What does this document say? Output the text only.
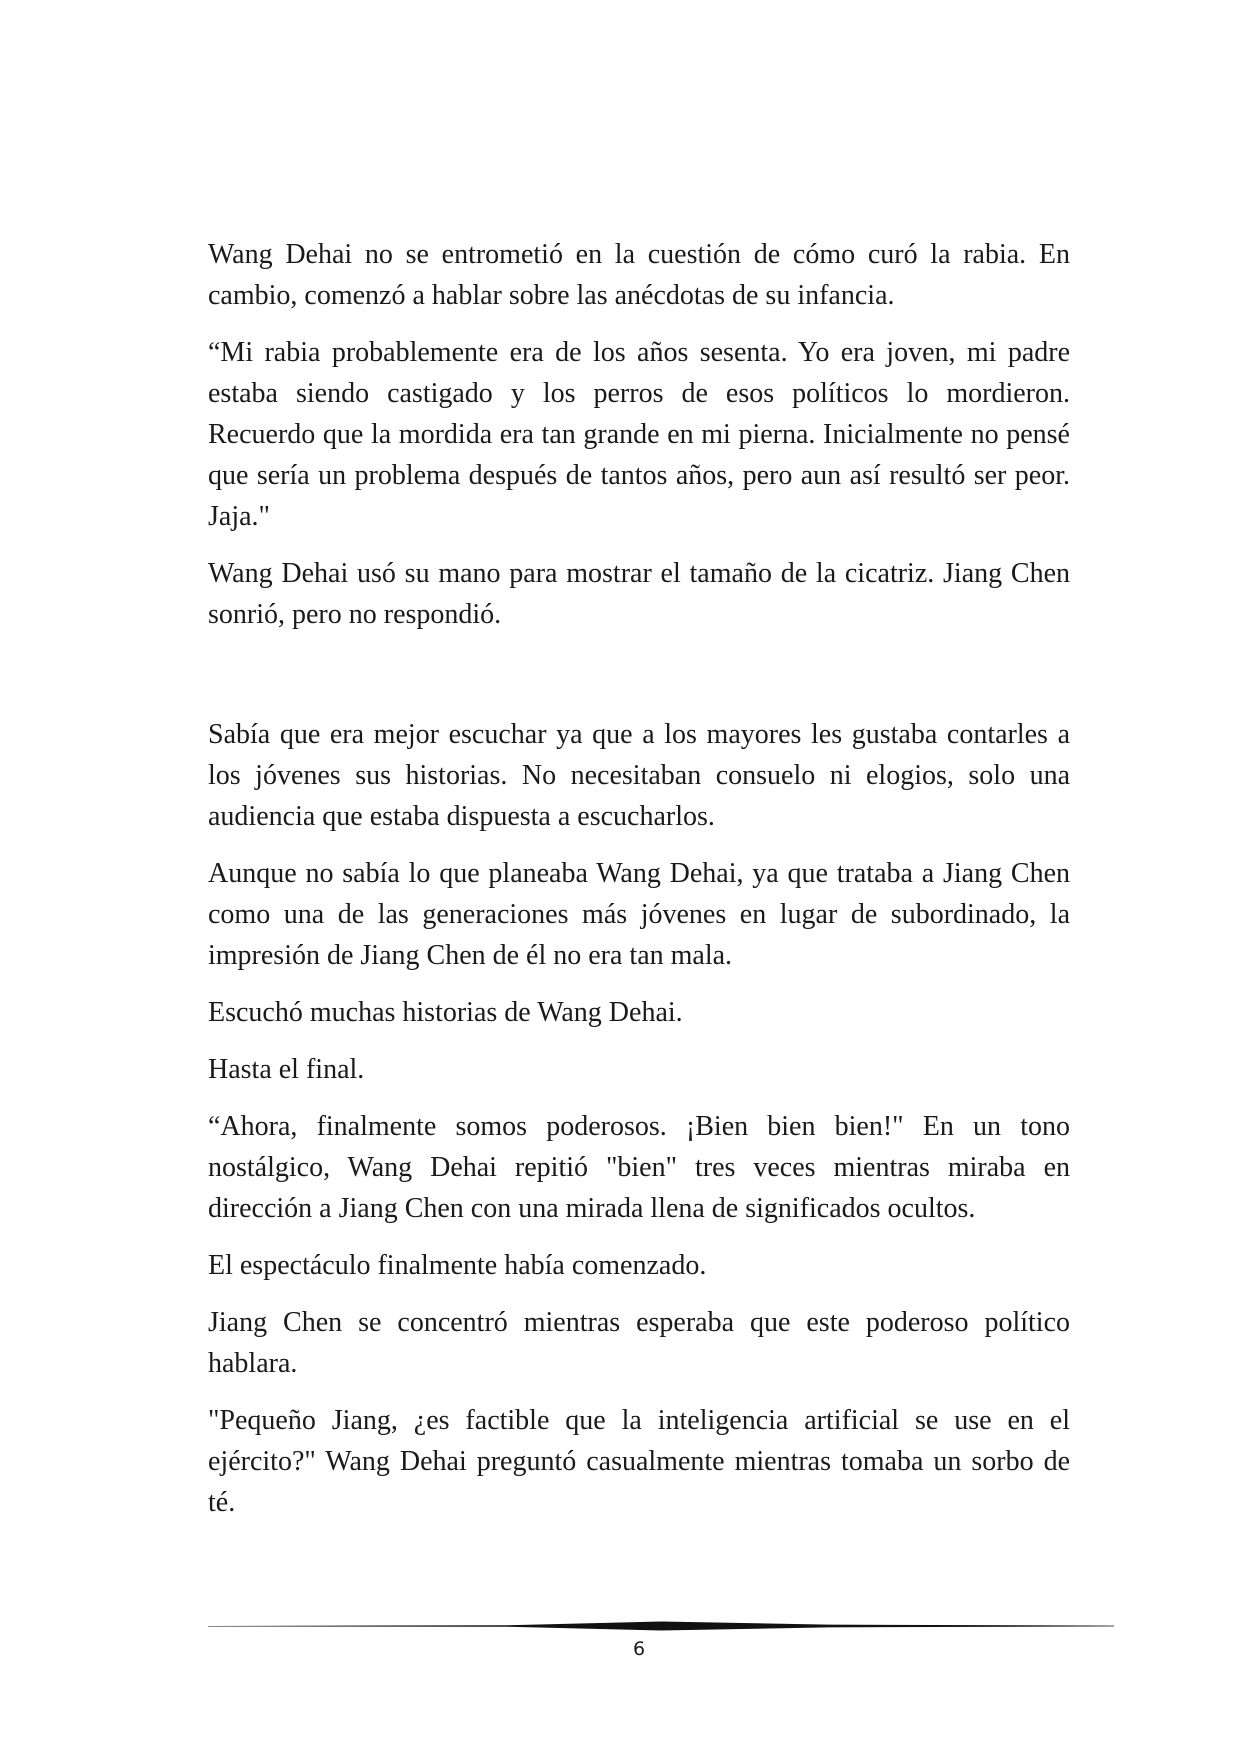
Wang Dehai no se entrometió en la cuestión de cómo curó la rabia. En cambio, comenzó a hablar sobre las anécdotas de su infancia.

“Mi rabia probablemente era de los años sesenta. Yo era joven, mi padre estaba siendo castigado y los perros de esos políticos lo mordieron. Recuerdo que la mordida era tan grande en mi pierna. Inicialmente no pensé que sería un problema después de tantos años, pero aun así resultó ser peor. Jaja."

Wang Dehai usó su mano para mostrar el tamaño de la cicatriz. Jiang Chen sonrió, pero no respondió.

Sabía que era mejor escuchar ya que a los mayores les gustaba contarles a los jóvenes sus historias. No necesitaban consuelo ni elogios, solo una audiencia que estaba dispuesta a escucharlos.

Aunque no sabía lo que planeaba Wang Dehai, ya que trataba a Jiang Chen como una de las generaciones más jóvenes en lugar de subordinado, la impresión de Jiang Chen de él no era tan mala.

Escuchó muchas historias de Wang Dehai.

Hasta el final.

“Ahora, finalmente somos poderosos. ¡Bien bien bien!" En un tono nostálgico, Wang Dehai repitió "bien" tres veces mientras miraba en dirección a Jiang Chen con una mirada llena de significados ocultos.

El espectáculo finalmente había comenzado.

Jiang Chen se concentró mientras esperaba que este poderoso político hablara.

"Pequeño Jiang, ¿es factible que la inteligencia artificial se use en el ejército?" Wang Dehai preguntó casualmente mientras tomaba un sorbo de té.

6
